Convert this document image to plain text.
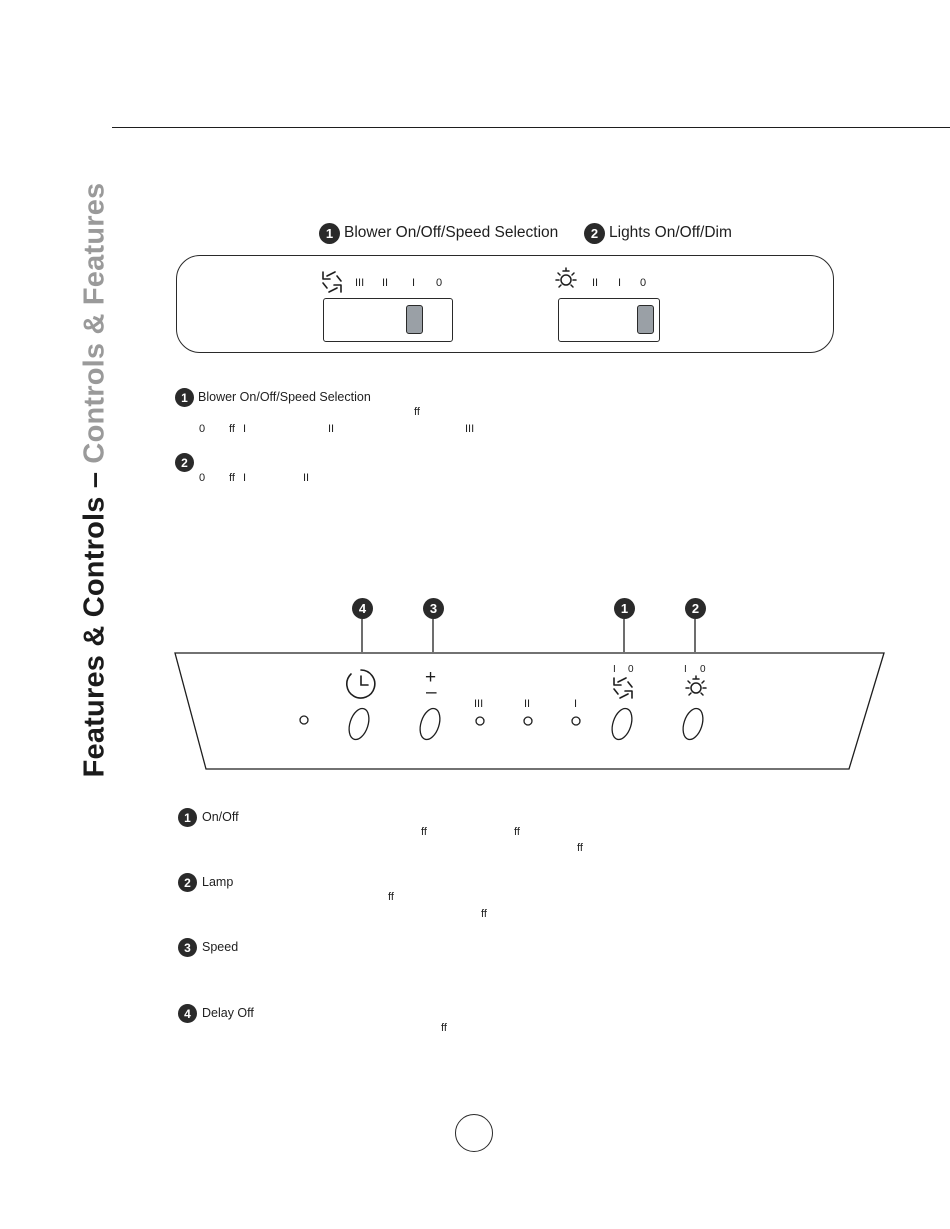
Features & Controls – Controls & Features	1 Blower On/Off/Speed Selection	2 Lights On/Off/Dim
III II I 0	II I 0
1 Blower On/Off/Speed Selection
ff
0 ff I	II	III
2
0 ff I	II
4	3	1	2
+
–
III	II	I
I 0	I 0
1 On/Off
ff	ff
ff
2 Lamp
ff
ff
3 Speed
4 Delay Off
ff
